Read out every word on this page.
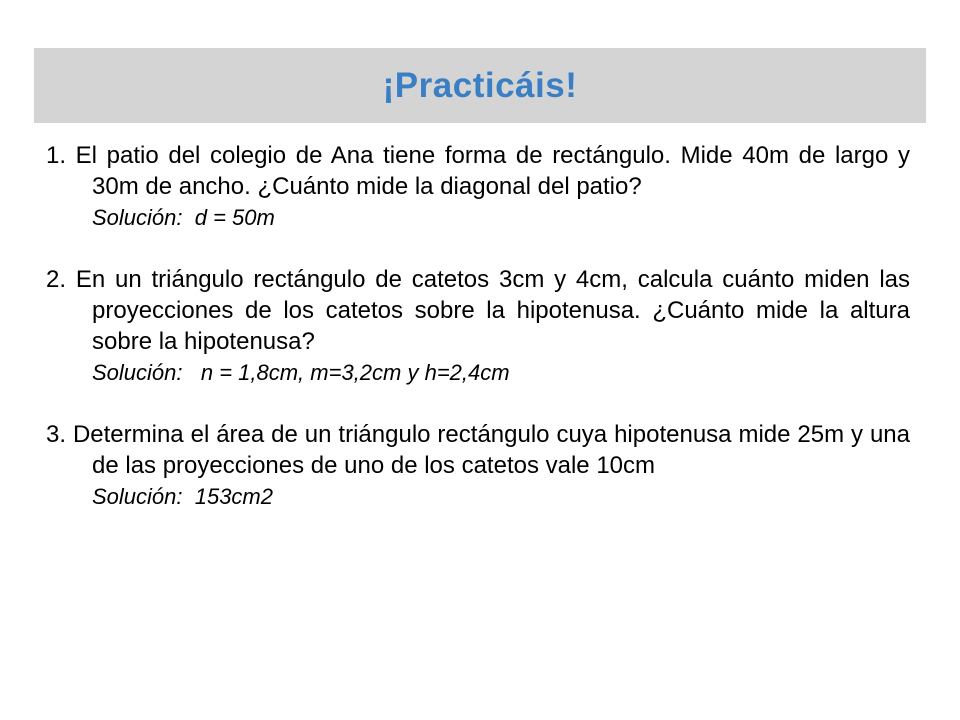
¡Practicáis!

1. El patio del colegio de Ana tiene forma de rectángulo. Mide 40m de largo y 30m de ancho. ¿Cuánto mide la diagonal del patio?

Solución:  d = 50m

2. En un triángulo rectángulo de catetos 3cm y 4cm, calcula cuánto miden las proyecciones de los catetos sobre la hipotenusa. ¿Cuánto mide la altura sobre la hipotenusa?

Solución:   n = 1,8cm, m=3,2cm y h=2,4cm

3. Determina el área de un triángulo rectángulo cuya hipotenusa mide 25m y una de las proyecciones de uno de los catetos vale 10cm

Solución:  153cm2
